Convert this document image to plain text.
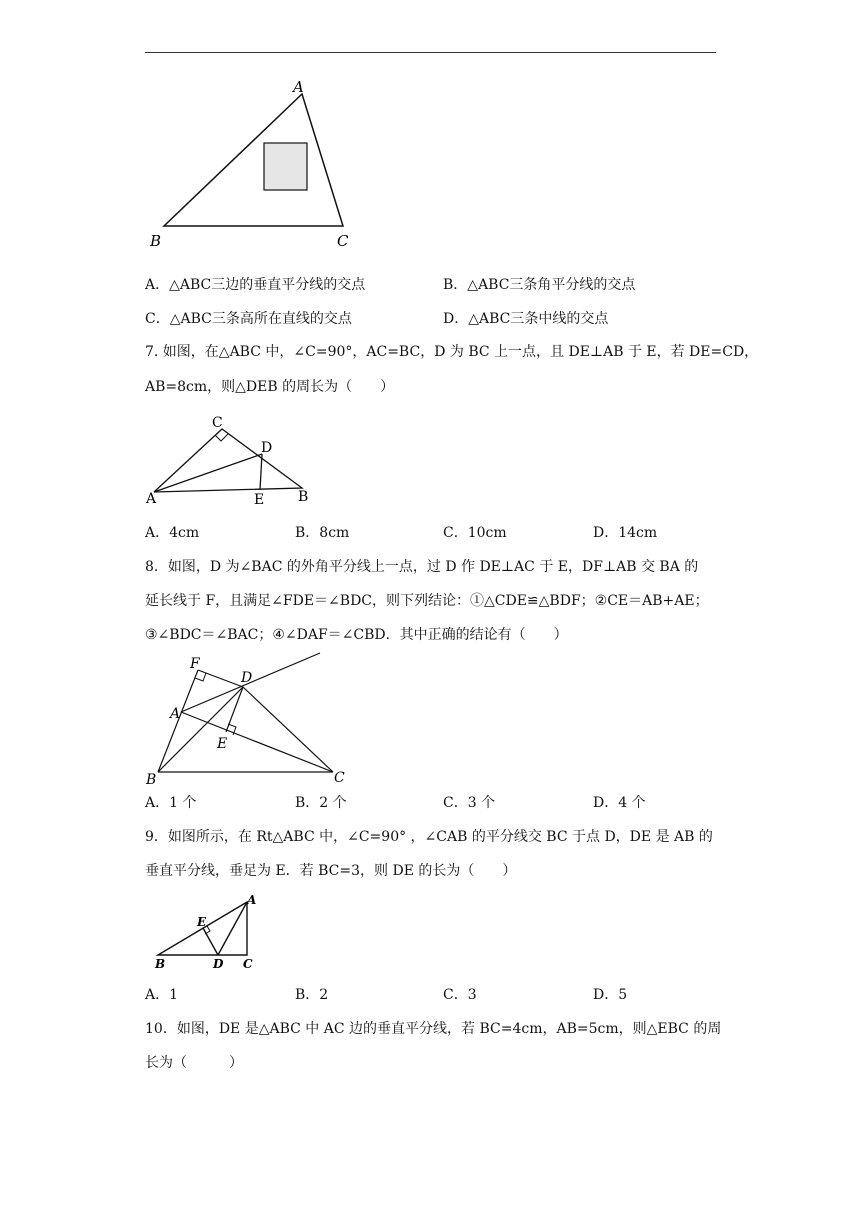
A
B	C
A．△ABC三边的垂直平分线的交点	B．△ABC三条角平分线的交点
C．△ABC三条高所在直线的交点	D．△ABC三条中线的交点
7. 如图，在△ABC 中，∠C=90°，AC=BC，D 为 BC 上一点，且 DE⊥AB 于 E，若 DE=CD，
AB=8cm，则△DEB 的周长为（　　）
A
C
D
E B
A．4cm	B．8cm	C．10cm	D．14cm
8．如图，D 为∠BAC 的外角平分线上一点，过 D 作 DE⊥AC 于 E，DF⊥AB 交 BA 的
延长线于 F，且满足∠FDE＝∠BDC，则下列结论：①△CDE≌△BDF；②CE＝AB+AE；
③∠BDC＝∠BAC；④∠DAF＝∠CBD．其中正确的结论有（　　）
F
D
A
E
B	C
A．1 个	B．2 个	C．3 个	D．4 个
9．如图所示，在 Rt△ABC 中，∠C=90° ，∠CAB 的平分线交 BC 于点 D，DE 是 AB 的
垂直平分线，垂足为 E．若 BC=3，则 DE 的长为（　　）
A
E
B	D C
A．1	B．2	C．3	D．5
10．如图，DE 是△ABC 中 AC 边的垂直平分线，若 BC=4cm，AB=5cm，则△EBC 的周
长为（　　　）
